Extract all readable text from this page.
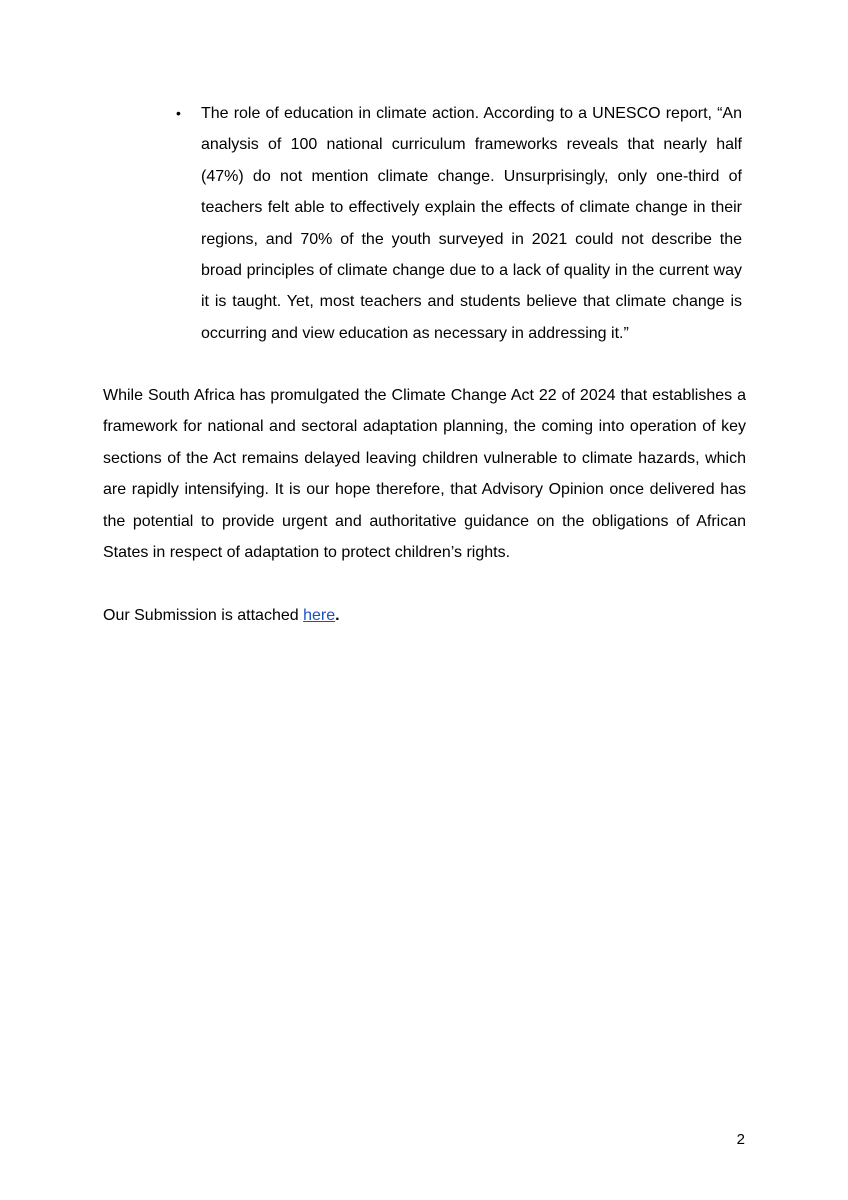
•	The role of education in climate action. According to a UNESCO report, “An analysis of 100 national curriculum frameworks reveals that nearly half (47%) do not mention climate change. Unsurprisingly, only one-third of teachers felt able to effectively explain the effects of climate change in their regions, and 70% of the youth surveyed in 2021 could not describe the broad principles of climate change due to a lack of quality in the current way it is taught. Yet, most teachers and students believe that climate change is occurring and view education as necessary in addressing it.”
While South Africa has promulgated the Climate Change Act 22 of 2024 that establishes a framework for national and sectoral adaptation planning, the coming into operation of key sections of the Act remains delayed leaving children vulnerable to climate hazards, which are rapidly intensifying. It is our hope therefore, that Advisory Opinion once delivered has the potential to provide urgent and authoritative guidance on the obligations of African States in respect of adaptation to protect children’s rights.
Our Submission is attached here.
2
